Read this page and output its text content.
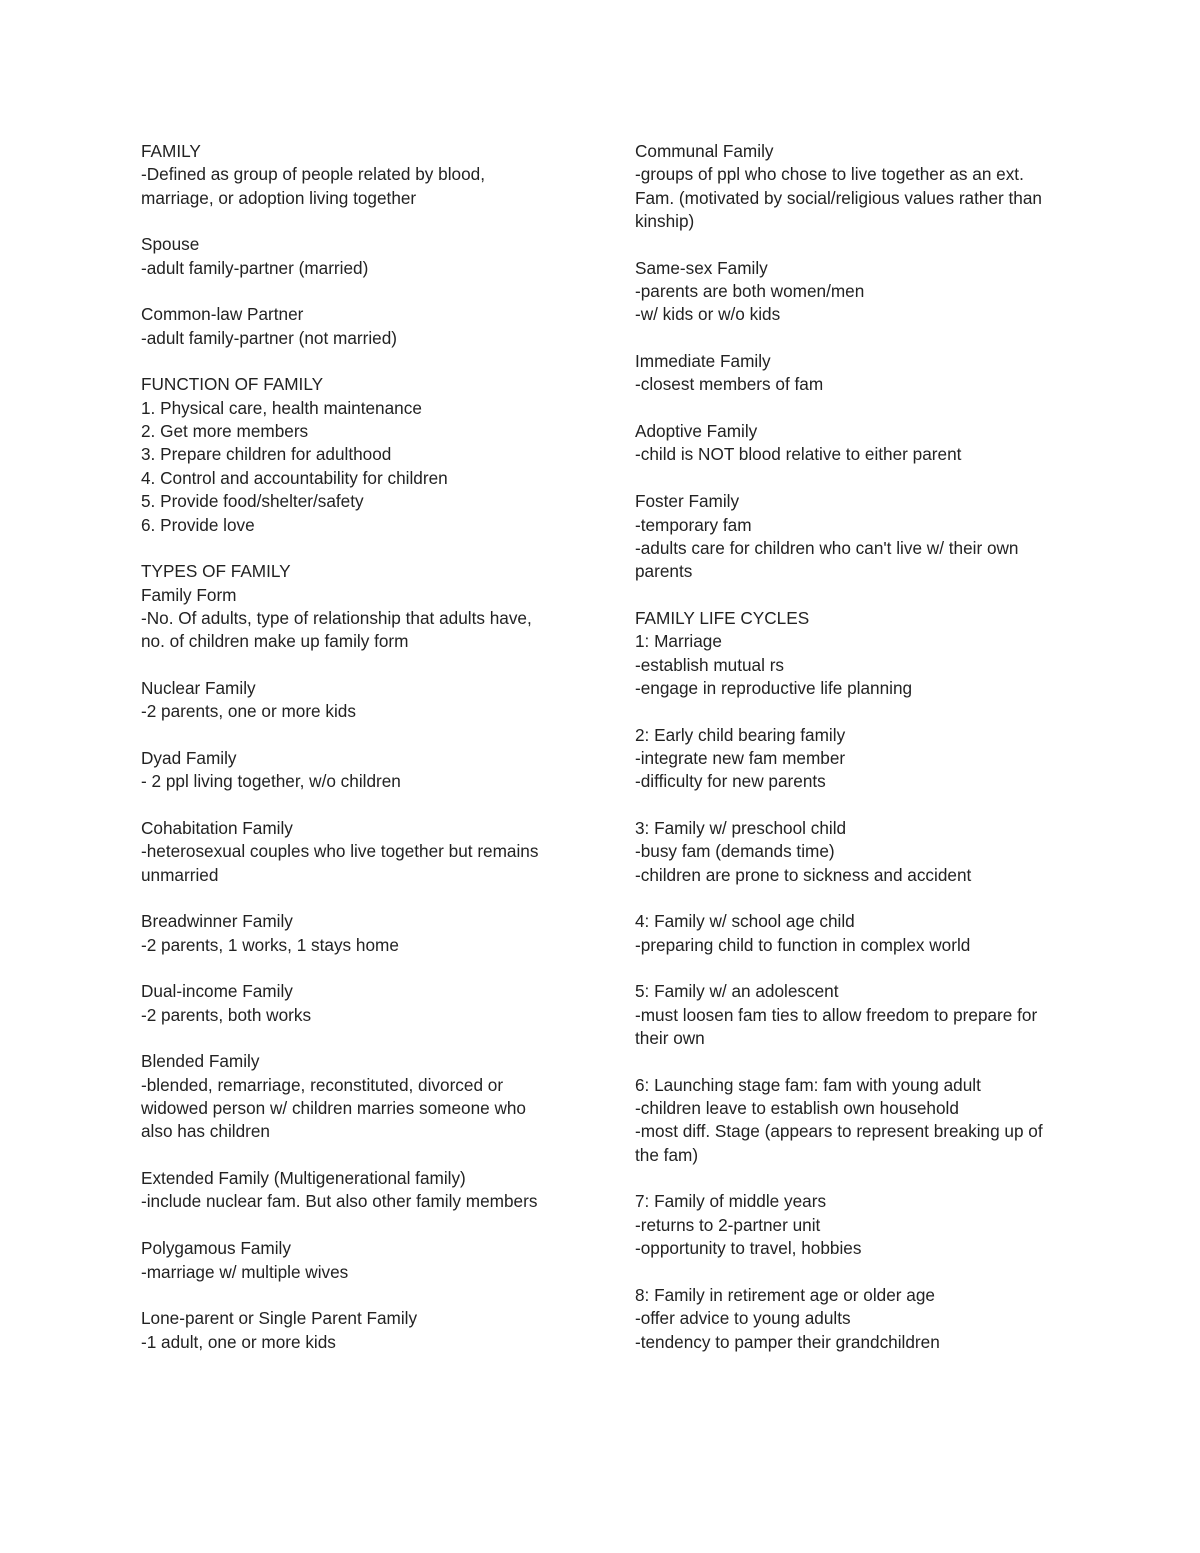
FAMILY
-Defined as group of people related by blood,
marriage, or adoption living together
Spouse
-adult family-partner (married)
Common-law Partner
-adult family-partner (not married)
FUNCTION OF FAMILY
1. Physical care, health maintenance
2. Get more members
3. Prepare children for adulthood
4. Control and accountability for children
5. Provide food/shelter/safety
6. Provide love
TYPES OF FAMILY
Family Form
-No. Of adults, type of relationship that adults have,
no. of children make up family form
Nuclear Family
-2 parents, one or more kids
Dyad Family
- 2 ppl living together, w/o children
Cohabitation Family
-heterosexual couples who live together but remains
unmarried
Breadwinner Family
-2 parents, 1 works, 1 stays home
Dual-income Family
-2 parents, both works
Blended Family
-blended, remarriage, reconstituted, divorced or
widowed person w/ children marries someone who
also has children
Extended Family (Multigenerational family)
-include nuclear fam. But also other family members
Polygamous Family
-marriage w/ multiple wives
Lone-parent or Single Parent Family
-1 adult, one or more kids
Communal Family
-groups of ppl who chose to live together as an ext.
Fam. (motivated by social/religious values rather than
kinship)
Same-sex Family
-parents are both women/men
-w/ kids or w/o kids
Immediate Family
-closest members of fam
Adoptive Family
-child is NOT blood relative to either parent
Foster Family
-temporary fam
-adults care for children who can't live w/ their own
parents
FAMILY LIFE CYCLES
1: Marriage
-establish mutual rs
-engage in reproductive life planning
2: Early child bearing family
-integrate new fam member
-difficulty for new parents
3: Family w/ preschool child
-busy fam (demands time)
-children are prone to sickness and accident
4: Family w/ school age child
-preparing child to function in complex world
5: Family w/ an adolescent
-must loosen fam ties to allow freedom to prepare for
their own
6: Launching stage fam: fam with young adult
-children leave to establish own household
-most diff. Stage (appears to represent breaking up of
the fam)
7: Family of middle years
-returns to 2-partner unit
-opportunity to travel, hobbies
8: Family in retirement age or older age
-offer advice to young adults
-tendency to pamper their grandchildren
